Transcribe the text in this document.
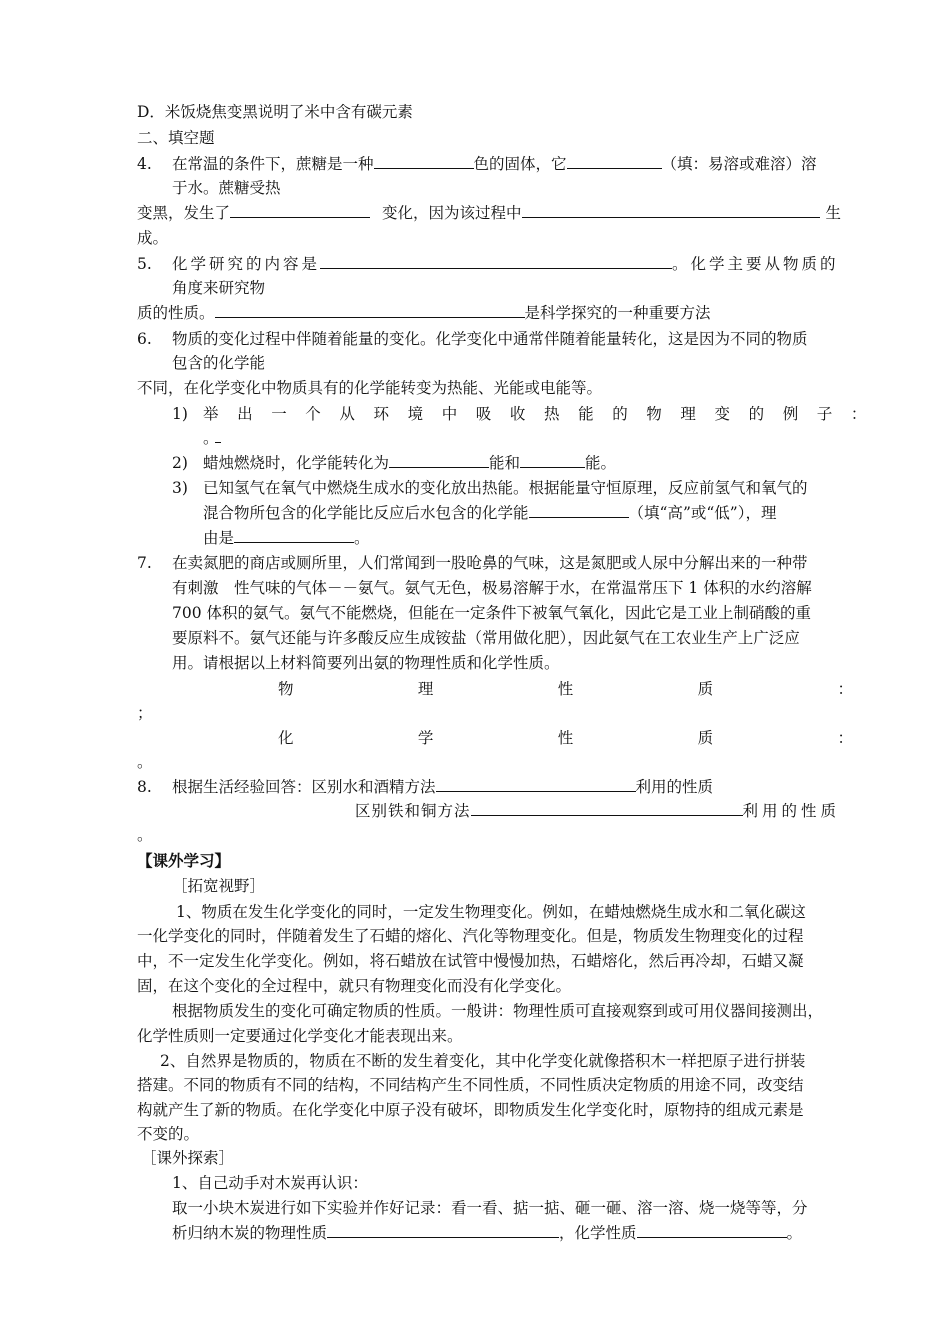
D．米饭烧焦变黑说明了米中含有碳元素
二、填空题
4. 在常温的条件下，蔗糖是一种	色的固体，它	（填：易溶或难溶）溶
于水。蔗糖受热
变黑，发生了	变化，因为该过程中	生
成。
5. 化学研究的内容是	。化学主要从物质的
角度来研究物
质的性质。	是科学探究的一种重要方法
6. 物质的变化过程中伴随着能量的变化。化学变化中通常伴随着能量转化，这是因为不同的物质
包含的化学能
不同，在化学变化中物质具有的化学能转变为热能、光能或电能等。
1) 举出一个从环境中吸收热能的物理变的例子：
。
2) 蜡烛燃烧时，化学能转化为	能和	能。
3) 已知氢气在氧气中燃烧生成水的变化放出热能。根据能量守恒原理，反应前氢气和氧气的
混合物所包含的化学能比反应后水包含的化学能	（填“高”或“低”），理
由是	。
7. 在卖氮肥的商店或厕所里，人们常闻到一股呛鼻的气味，这是氮肥或人尿中分解出来的一种带
有刺激　性气味的气体－－氨气。氨气无色，极易溶解于水，在常温常压下 1 体积的水约溶解
700 体积的氨气。氨气不能燃烧，但能在一定条件下被氧气氧化，因此它是工业上制硝酸的重
要原料不。氨气还能与许多酸反应生成铵盐（常用做化肥），因此氨气在工农业生产上广泛应
用。请根据以上材料简要列出氨的物理性质和化学性质。
物	理	性	质	：
；
化	学	性	质	：
。
8. 根据生活经验回答：区别水和酒精方法	利用的性质
区别铁和铜方法	利用的性质
。
【课外学习】
［拓宽视野］
1、物质在发生化学变化的同时，一定发生物理变化。例如，在蜡烛燃烧生成水和二氧化碳这
一化学变化的同时，伴随着发生了石蜡的熔化、汽化等物理变化。但是，物质发生物理变化的过程
中，不一定发生化学变化。例如，将石蜡放在试管中慢慢加热，石蜡熔化，然后再冷却，石蜡又凝
固，在这个变化的全过程中，就只有物理变化而没有化学变化。
根据物质发生的变化可确定物质的性质。一般讲：物理性质可直接观察到或可用仪器间接测出，
化学性质则一定要通过化学变化才能表现出来。
2、自然界是物质的，物质在不断的发生着变化，其中化学变化就像搭积木一样把原子进行拼装
搭建。不同的物质有不同的结构，不同结构产生不同性质，不同性质决定物质的用途不同，改变结
构就产生了新的物质。在化学变化中原子没有破坏，即物质发生化学变化时，原物持的组成元素是
不变的。
［课外探索］
1、自己动手对木炭再认识：
取一小块木炭进行如下实验并作好记录：看一看、掂一掂、砸一砸、溶一溶、烧一烧等等，分
析归纳木炭的物理性质	，化学性质	。
